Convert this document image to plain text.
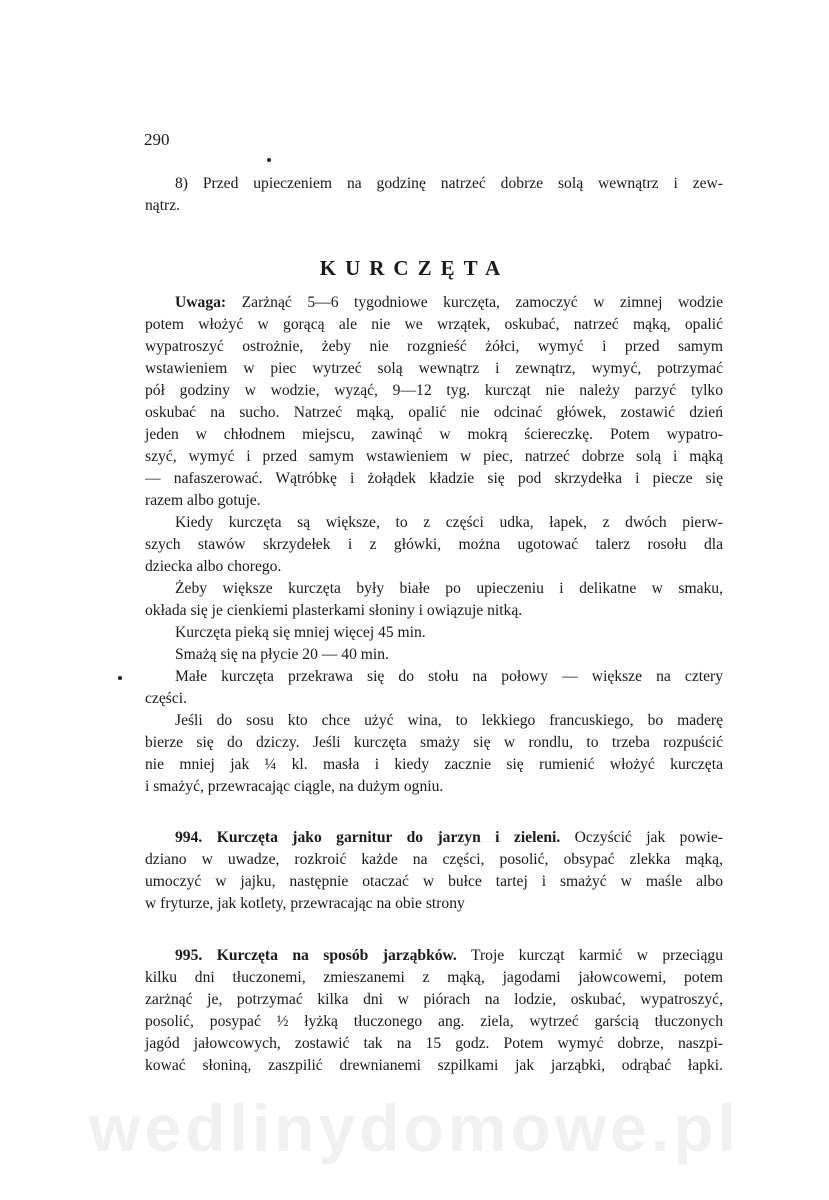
290
KURCZĘTA
8) Przed upieczeniem na godzinę natrzeć dobrze solą wewnątrz i zew-
nątrz.
Uwaga: Zarżnąć 5—6 tygodniowe kurczęta, zamoczyć w zimnej wodzie
potem włożyć w gorącą ale nie we wrzątek, oskubać, natrzeć mąką, opalić
wypatroszyć ostrożnie, żeby nie rozgnieść żółci, wymyć i przed samym
wstawieniem w piec wytrzeć solą wewnątrz i zewnątrz, wymyć, potrzymać
pół godziny w wodzie, wyząć, 9—12 tyg. kurcząt nie należy parzyć tylko
oskubać na sucho. Natrzeć mąką, opalić nie odcinać główek, zostawić dzień
jeden w chłodnem miejscu, zawinąć w mokrą ściereczkę. Potem wypatro-
szyć, wymyć i przed samym wstawieniem w piec, natrzeć dobrze solą i mąką
— nafaszerować. Wątróbkę i żołądek kładzie się pod skrzydełka i piecze się
razem albo gotuje.
Kiedy kurczęta są większe, to z części udka, łapek, z dwóch pierw-
szych stawów skrzydełek i z główki, można ugotować talerz rosołu dla
dziecka albo chorego.
Żeby większe kurczęta były białe po upieczeniu i delikatne w smaku,
okłada się je cienkiemi plasterkami słoniny i owiązuje nitką.
Kurczęta pieką się mniej więcej 45 min.
Smażą się na płycie 20 — 40 min.
Małe kurczęta przekrawa się do stołu na połowy — większe na cztery
części.
Jeśli do sosu kto chce użyć wina, to lekkiego francuskiego, bo maderę
bierze się do dziczy. Jeśli kurczęta smaży się w rondlu, to trzeba rozpuścić
nie mniej jak ¼ kl. masła i kiedy zacznie się rumienić włożyć kurczęta
i smażyć, przewracając ciągle, na dużym ogniu.
994. Kurczęta jako garnitur do jarzyn i zieleni. Oczyścić jak powie-
dziano w uwadze, rozkroić każde na części, posolić, obsypać zlekka mąką,
umoczyć w jajku, następnie otaczać w bułce tartej i smażyć w maśle albo
w fryturze, jak kotlety, przewracając na obie strony
995. Kurczęta na sposób jarząbków. Troje kurcząt karmić w przeciągu
kilku dni tłuczonemi, zmieszanemi z mąką, jagodami jałowcowemi, potem
zarżnąć je, potrzymać kilka dni w piórach na lodzie, oskubać, wypatroszyć,
posolić, posypać ½ łyżką tłuczonego ang. ziela, wytrzeć garścią tłuczonych
jagód jałowcowych, zostawić tak na 15 godz. Potem wymyć dobrze, naszpi-
kować słoniną, zaszpilić drewnianemi szpilkami jak jarząbki, odrąbać łapki.
wedlinydomowe.pl
